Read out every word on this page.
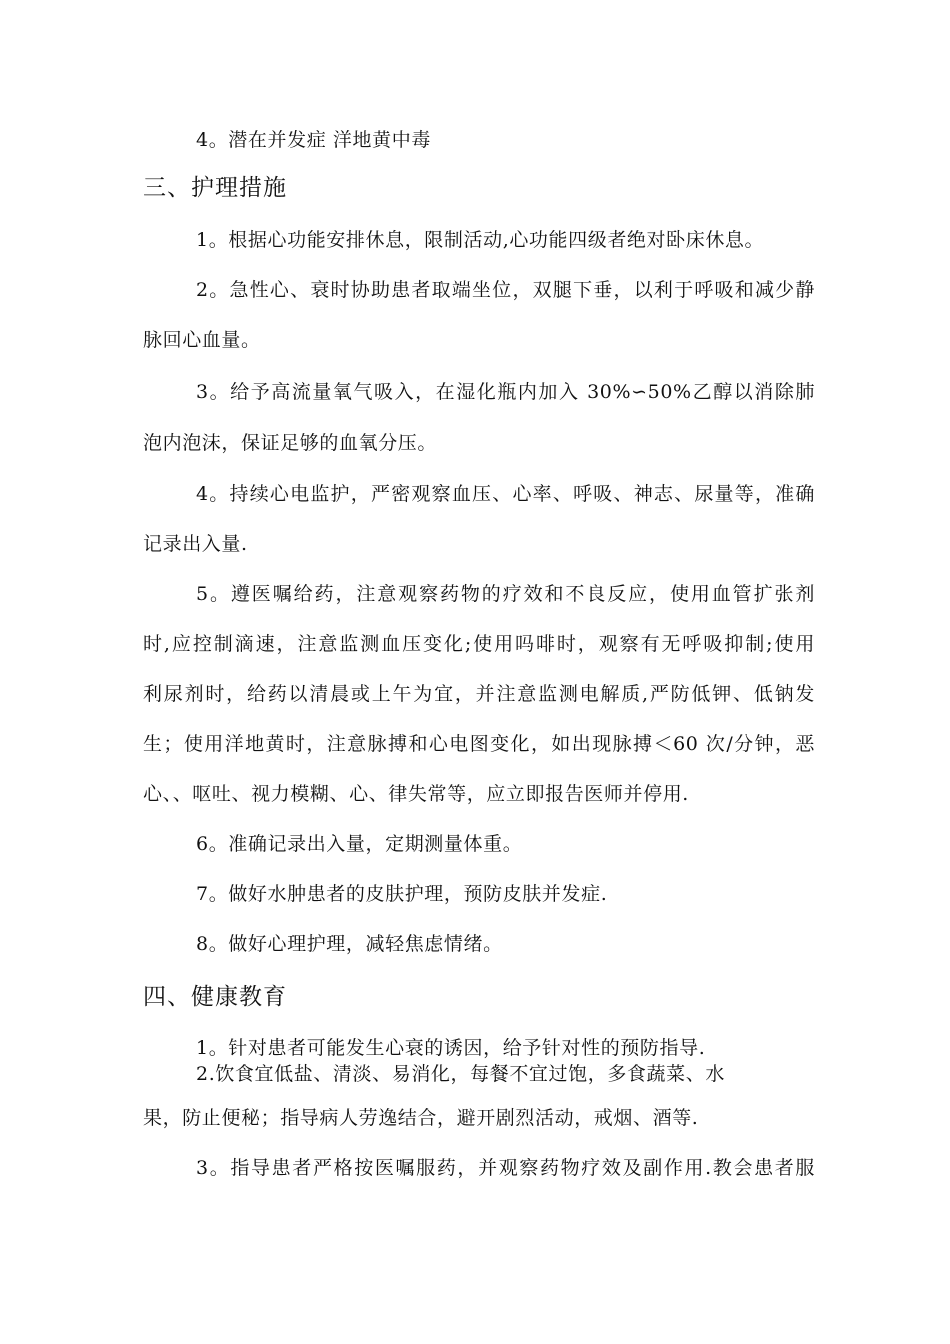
4。潜在并发症 洋地黄中毒
三、护理措施
1。根据心功能安排休息，限制活动,心功能四级者绝对卧床休息。
2。急性心、衰时协助患者取端坐位，双腿下垂，以利于呼吸和减少静
脉回心血量。
3。给予高流量氧气吸入，在湿化瓶内加入 30%∽50%乙醇以消除肺
泡内泡沫，保证足够的血氧分压。
4。持续心电监护，严密观察血压、心率、呼吸、神志、尿量等，准确
记录出入量.
5。遵医嘱给药，注意观察药物的疗效和不良反应，使用血管扩张剂
时,应控制滴速，注意监测血压变化;使用吗啡时，观察有无呼吸抑制;使用
利尿剂时，给药以清晨或上午为宜，并注意监测电解质,严防低钾、低钠发
生；使用洋地黄时，注意脉搏和心电图变化，如出现脉搏＜60 次/分钟，恶
心、、呕吐、视力模糊、心、律失常等，应立即报告医师并停用.
6。准确记录出入量，定期测量体重。
7。做好水肿患者的皮肤护理，预防皮肤并发症.
8。做好心理护理，减轻焦虑情绪。
四、健康教育
1。针对患者可能发生心衰的诱因，给予针对性的预防指导.
2.饮食宜低盐、清淡、易消化，每餐不宜过饱，多食蔬菜、水
果，防止便秘；指导病人劳逸结合，避开剧烈活动，戒烟、酒等.
3。指导患者严格按医嘱服药，并观察药物疗效及副作用.教会患者服
